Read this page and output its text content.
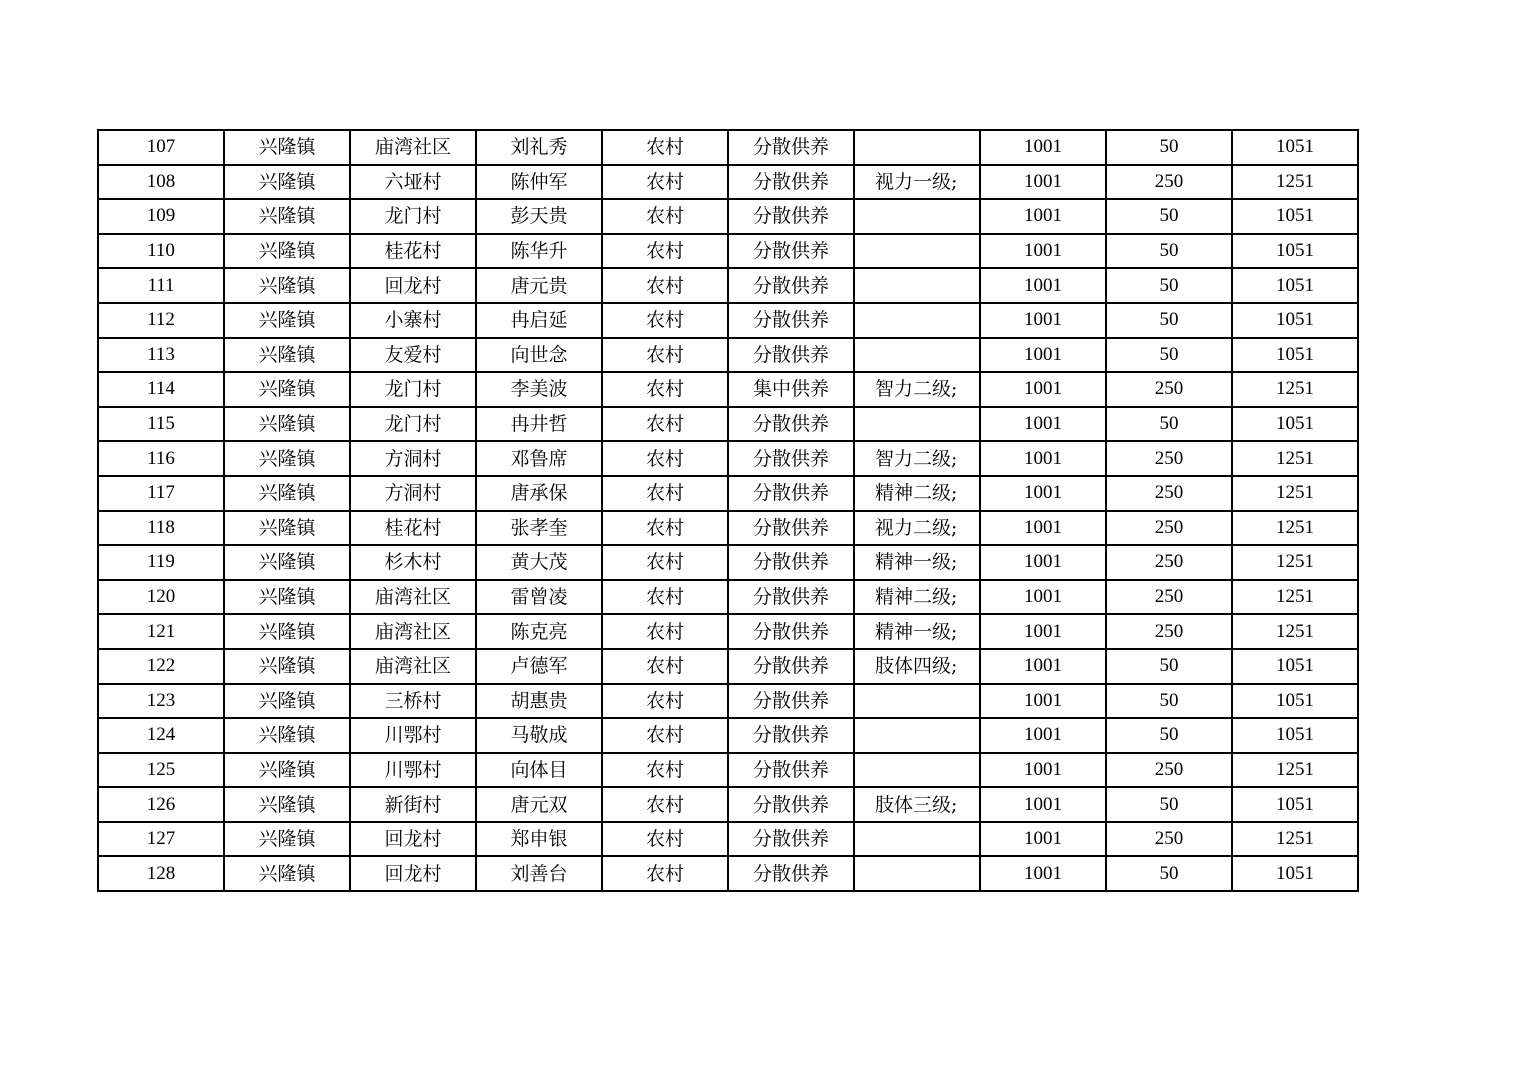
107	兴隆镇	庙湾社区	刘礼秀	农村	分散供养		1001	50	1051
108	兴隆镇	六垭村	陈仲军	农村	分散供养	视力一级;	1001	250	1251
109	兴隆镇	龙门村	彭天贵	农村	分散供养		1001	50	1051
110	兴隆镇	桂花村	陈华升	农村	分散供养		1001	50	1051
111	兴隆镇	回龙村	唐元贵	农村	分散供养		1001	50	1051
112	兴隆镇	小寨村	冉启延	农村	分散供养		1001	50	1051
113	兴隆镇	友爱村	向世念	农村	分散供养		1001	50	1051
114	兴隆镇	龙门村	李美波	农村	集中供养	智力二级;	1001	250	1251
115	兴隆镇	龙门村	冉井哲	农村	分散供养		1001	50	1051
116	兴隆镇	方洞村	邓鲁席	农村	分散供养	智力二级;	1001	250	1251
117	兴隆镇	方洞村	唐承保	农村	分散供养	精神二级;	1001	250	1251
118	兴隆镇	桂花村	张孝奎	农村	分散供养	视力二级;	1001	250	1251
119	兴隆镇	杉木村	黄大茂	农村	分散供养	精神一级;	1001	250	1251
120	兴隆镇	庙湾社区	雷曾凌	农村	分散供养	精神二级;	1001	250	1251
121	兴隆镇	庙湾社区	陈克亮	农村	分散供养	精神一级;	1001	250	1251
122	兴隆镇	庙湾社区	卢德军	农村	分散供养	肢体四级;	1001	50	1051
123	兴隆镇	三桥村	胡惠贵	农村	分散供养		1001	50	1051
124	兴隆镇	川鄂村	马敬成	农村	分散供养		1001	50	1051
125	兴隆镇	川鄂村	向体目	农村	分散供养		1001	250	1251
126	兴隆镇	新街村	唐元双	农村	分散供养	肢体三级;	1001	50	1051
127	兴隆镇	回龙村	郑申银	农村	分散供养		1001	250	1251
128	兴隆镇	回龙村	刘善台	农村	分散供养		1001	50	1051
